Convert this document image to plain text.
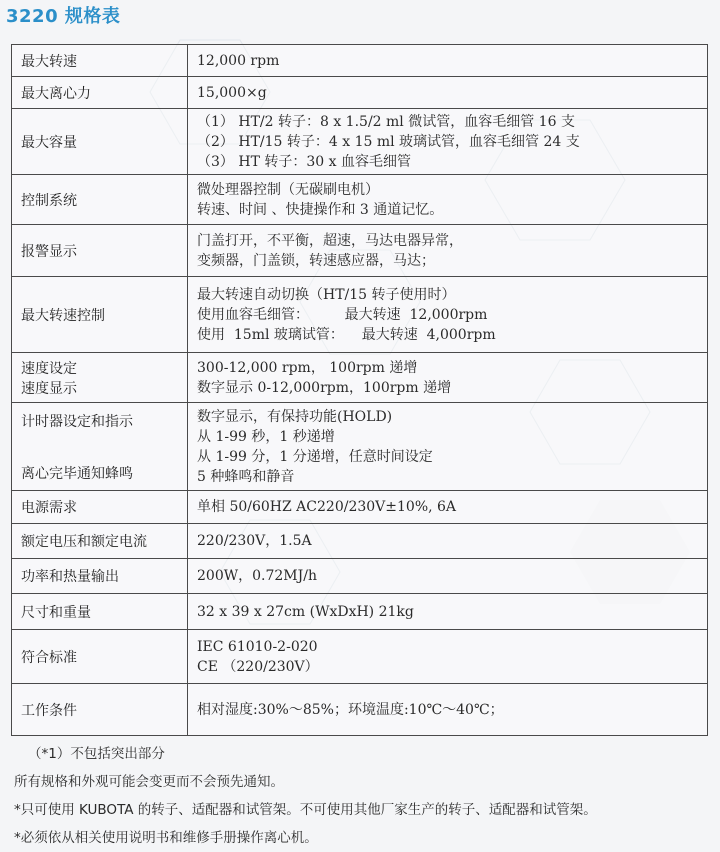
3220 规格表
最大转速	12,000 rpm

最大离心力	15,000×g

最大容量	（1） HT/2 转子：8 x 1.5/2 ml 微试管，血容毛细管 16 支
（2） HT/15 转子：4 x 15 ml 玻璃试管，血容毛细管 24 支
（3） HT 转子：30 x 血容毛细管

控制系统	微处理器控制（无碳刷电机）
转速、时间 、快捷操作和 3 通道记忆。

报警显示	门盖打开，不平衡，超速，马达电器异常，
变频器，门盖锁，转速感应器，马达；

最大转速控制	最大转速自动切换（HT/15 转子使用时）
使用血容毛细管：        最大转速  12,000rpm
使用  15ml 玻璃试管：    最大转速  4,000rpm

速度设定
速度显示	300-12,000 rpm， 100rpm 递增
数字显示 0-12,000rpm，100rpm 递增

计时器设定和指示
离心完毕通知蜂鸣	数字显示，有保持功能(HOLD)
从 1-99 秒，1 秒递增
从 1-99 分，1 分递增，任意时间设定
5 种蜂鸣和静音

电源需求	单相 50/60HZ AC220/230V±10%, 6A

额定电压和额定电流	220/230V，1.5A

功率和热量输出	200W，0.72MJ/h

尺寸和重量	32 x 39 x 27cm (WxDxH) 21kg

符合标准	IEC 61010-2-020
CE （220/230V）

工作条件	相对湿度:30%～85%；环境温度:10℃～40℃；
（*1）不包括突出部分
所有规格和外观可能会变更而不会预先通知。
*只可使用 KUBOTA 的转子、适配器和试管架。不可使用其他厂家生产的转子、适配器和试管架。
*必须依从相关使用说明书和维修手册操作离心机。
